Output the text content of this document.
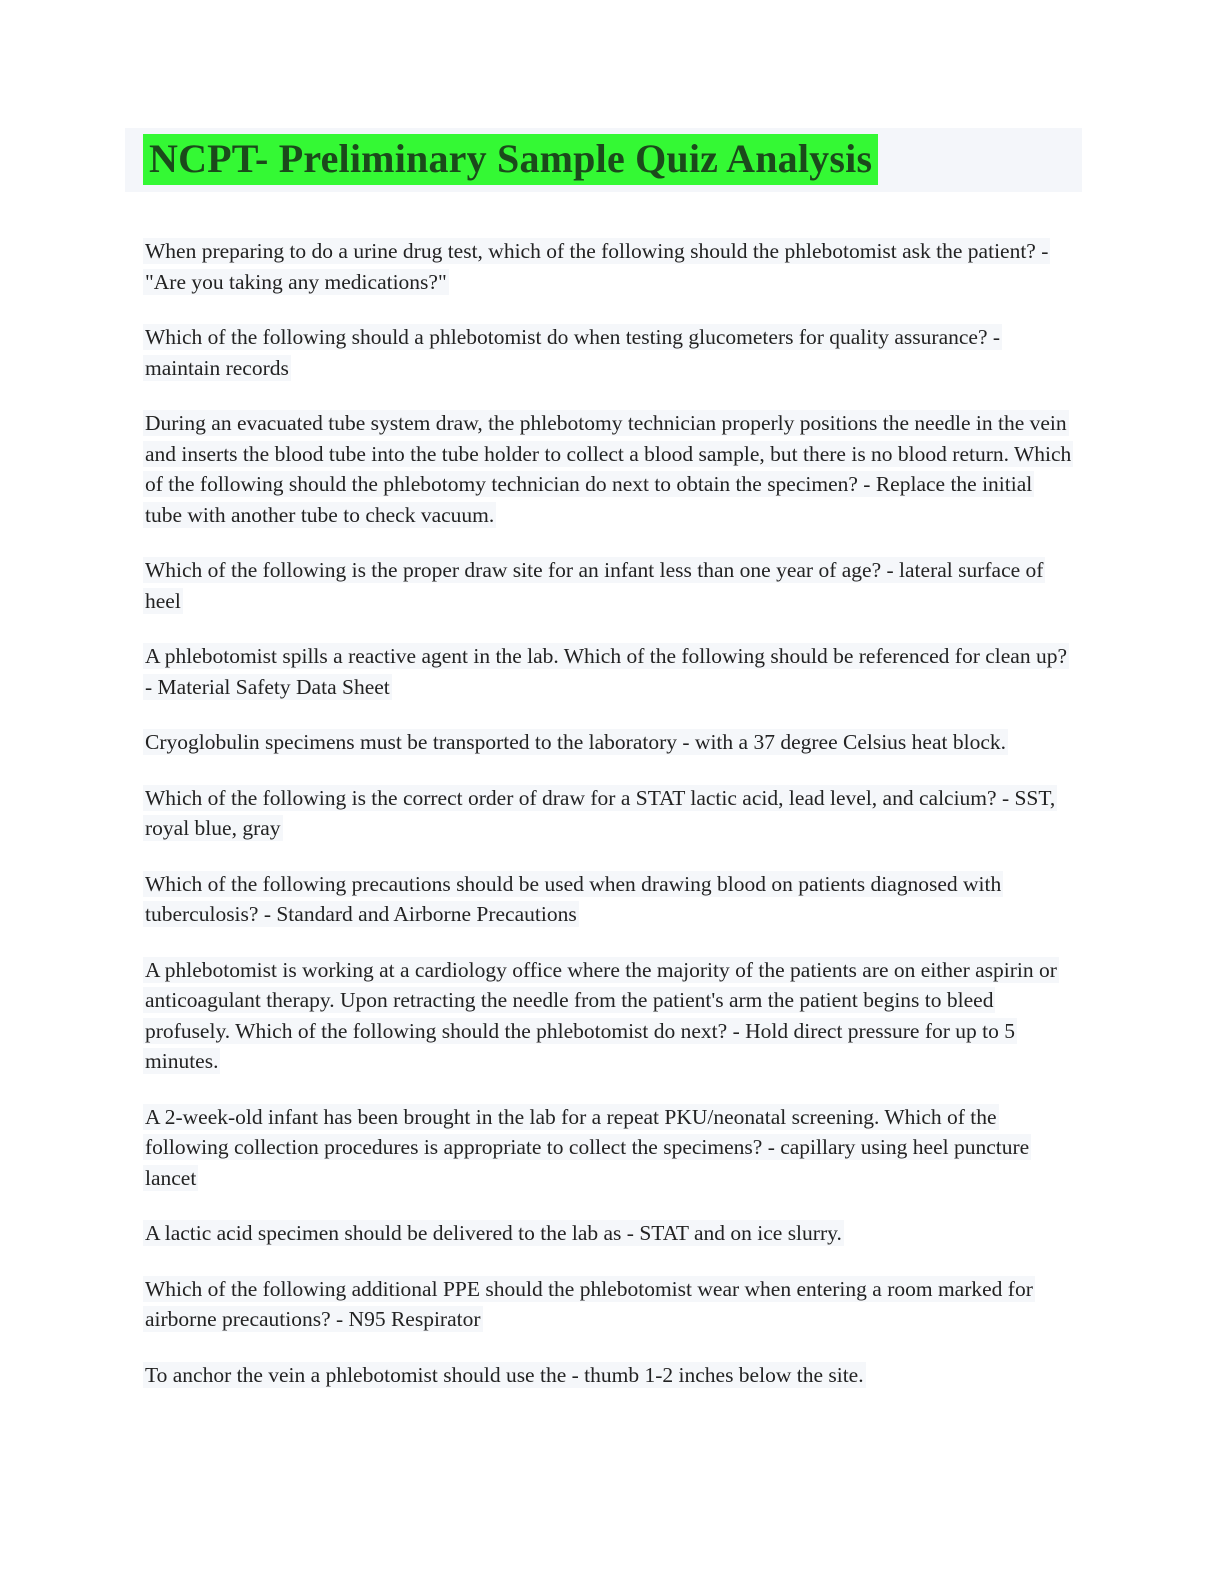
NCPT- Preliminary Sample Quiz Analysis

When preparing to do a urine drug test, which of the following should the phlebotomist ask the patient? - "Are you taking any medications?"

Which of the following should a phlebotomist do when testing glucometers for quality assurance? - maintain records

During an evacuated tube system draw, the phlebotomy technician properly positions the needle in the vein and inserts the blood tube into the tube holder to collect a blood sample, but there is no blood return. Which of the following should the phlebotomy technician do next to obtain the specimen? - Replace the initial tube with another tube to check vacuum.

Which of the following is the proper draw site for an infant less than one year of age? - lateral surface of heel

A phlebotomist spills a reactive agent in the lab. Which of the following should be referenced for clean up? - Material Safety Data Sheet

Cryoglobulin specimens must be transported to the laboratory - with a 37 degree Celsius heat block.

Which of the following is the correct order of draw for a STAT lactic acid, lead level, and calcium? - SST, royal blue, gray

Which of the following precautions should be used when drawing blood on patients diagnosed with tuberculosis? - Standard and Airborne Precautions

A phlebotomist is working at a cardiology office where the majority of the patients are on either aspirin or anticoagulant therapy. Upon retracting the needle from the patient's arm the patient begins to bleed profusely. Which of the following should the phlebotomist do next? - Hold direct pressure for up to 5 minutes.

A 2-week-old infant has been brought in the lab for a repeat PKU/neonatal screening. Which of the following collection procedures is appropriate to collect the specimens? - capillary using heel puncture lancet

A lactic acid specimen should be delivered to the lab as - STAT and on ice slurry.

Which of the following additional PPE should the phlebotomist wear when entering a room marked for airborne precautions? - N95 Respirator

To anchor the vein a phlebotomist should use the - thumb 1-2 inches below the site.
